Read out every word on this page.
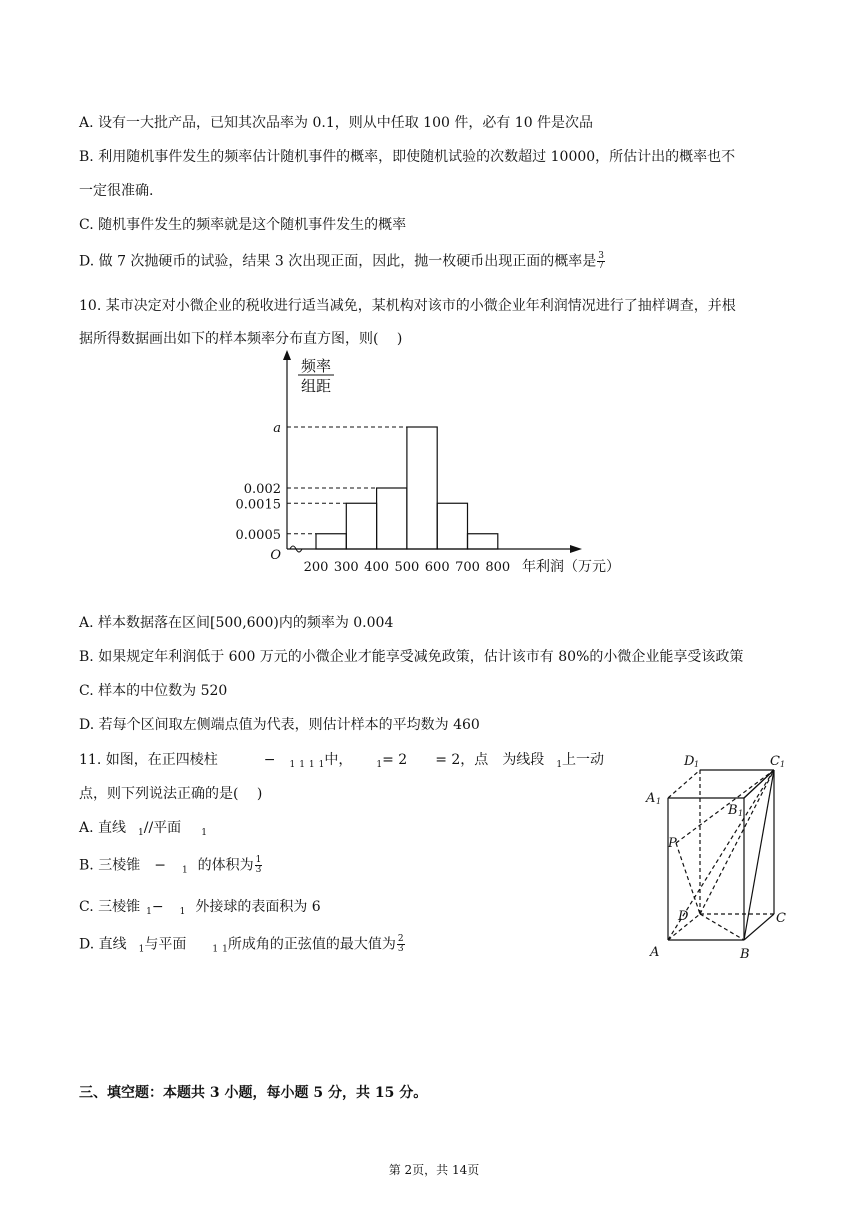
A. 设有一大批产品，已知其次品率为 0.1，则从中任取 100 件，必有 10 件是次品
B. 利用随机事件发生的频率估计随机事件的概率，即使随机试验的次数超过 10000，所估计出的概率也不
一定很准确.
C. 随机事件发生的频率就是这个随机事件发生的概率
D. 做 7 次抛硬币的试验，结果 3 次出现正面，因此，抛一枚硬币出现正面的概率是 $\frac{3}{7}$
10. 某市决定对小微企业的税收进行适当减免，某机构对该市的小微企业年利润情况进行了抽样调查，并根
据所得数据画出如下的样本频率分布直方图，则(　 )
频率
组距
0.0005
0.0015
0.002
a
O
200 300 400 500 600 700 800 年利润（万元）
A. 样本数据落在区间[500,600)内的频率为 0.004
B. 如果规定年利润低于 600 万元的小微企业才能享受减免政策，估计该市有 80%的小微企业能享受该政策
C. 样本的中位数为 520
D. 若每个区间取左侧端点值为代表，则估计样本的平均数为 460
11. 如图，在正四棱柱	− $_1$ $_1$ $_1$ $_1$中，	$_1$= 2　　= 2，点 为线段 $_1$上一动
点，则下列说法正确的是(　 )
A. 直线 $_1$//平面 $_1$
B. 三棱锥 − $_1$ 的体积为 $\frac{1}{3}$
C. 三棱锥 $_1$− $_1$ 外接球的表面积为 6
D. 直线 $_1$与平面	$_1$ $_1$所成角的正弦值的最大值为 $\frac{2}{3}$
D 1	C 1
A 1
B 1
P
D	C
A	B
三、填空题：本题共 3 小题，每小题 5 分，共 15 分。
第 2页，共 14页
